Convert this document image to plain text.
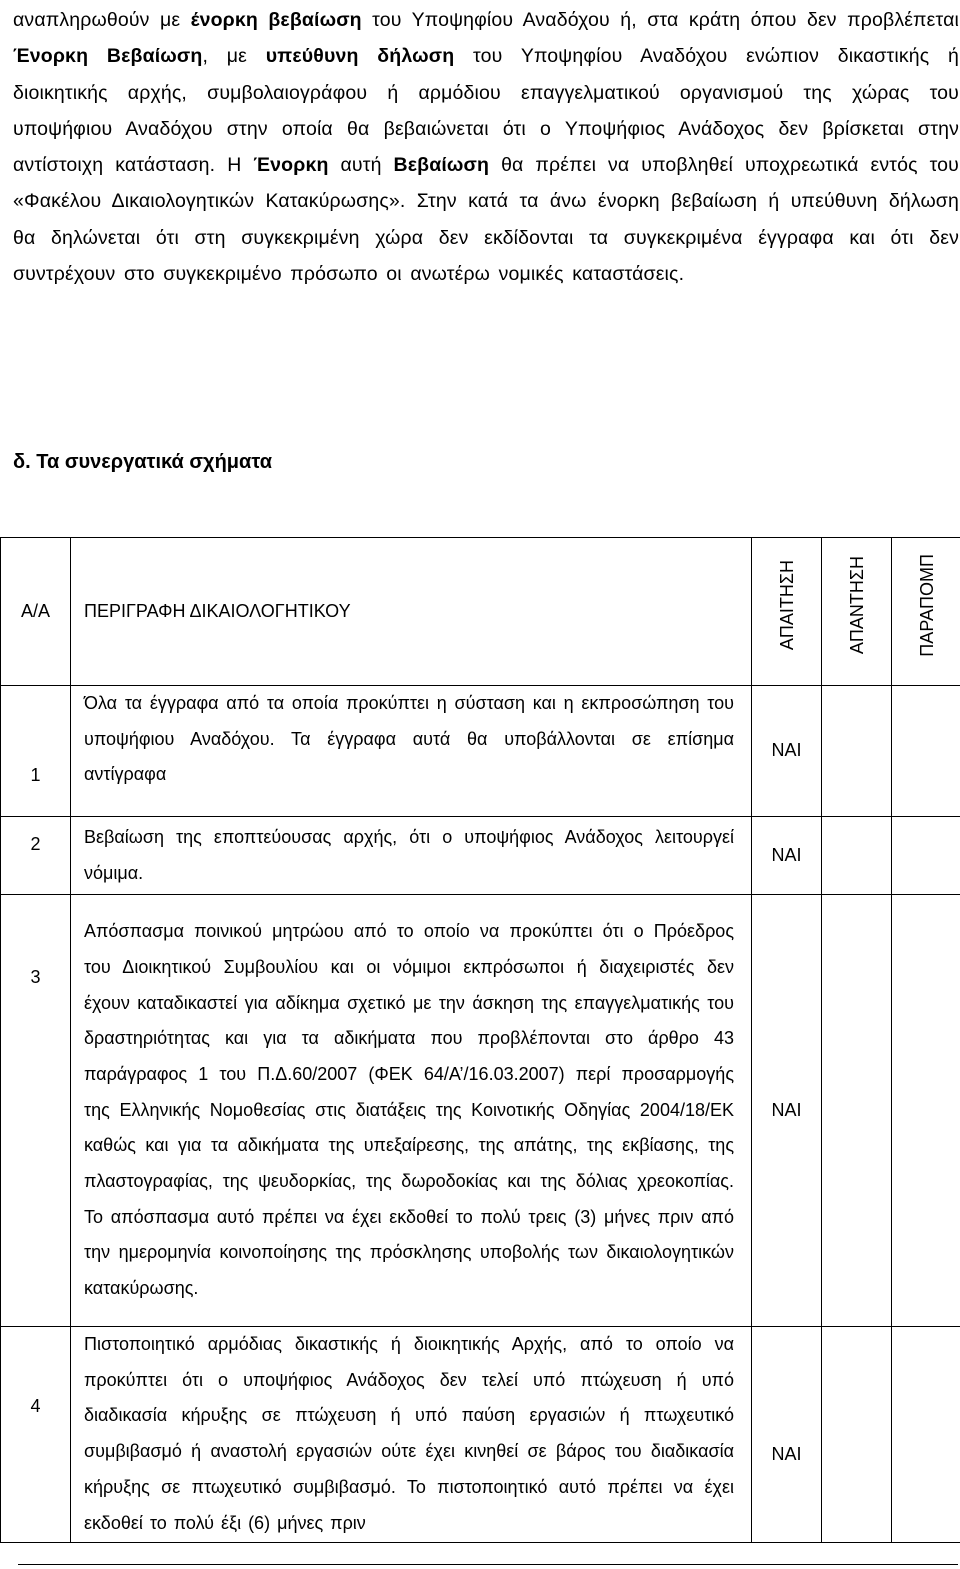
αναπληρωθούν με ένορκη βεβαίωση του Υποψηφίου Αναδόχου ή, στα κράτη όπου δεν προβλέπεται Ένορκη Βεβαίωση, με υπεύθυνη δήλωση του Υποψηφίου Αναδόχου ενώπιον δικαστικής ή διοικητικής αρχής, συμβολαιογράφου ή αρμόδιου επαγγελματικού οργανισμού της χώρας του υποψήφιου Αναδόχου στην οποία θα βεβαιώνεται ότι ο Υποψήφιος Ανάδοχος δεν βρίσκεται στην αντίστοιχη κατάσταση. Η Ένορκη αυτή Βεβαίωση θα πρέπει να υποβληθεί υποχρεωτικά εντός του «Φακέλου Δικαιολογητικών Κατακύρωσης». Στην κατά τα άνω ένορκη βεβαίωση ή υπεύθυνη δήλωση θα δηλώνεται ότι στη συγκεκριμένη χώρα δεν εκδίδονται τα συγκεκριμένα έγγραφα και ότι δεν συντρέχουν στο συγκεκριμένο πρόσωπο οι ανωτέρω νομικές καταστάσεις.

δ. Τα συνεργατικά σχήματα
Α/Α	ΠΕΡΙΓΡΑΦΗ ΔΙΚΑΙΟΛΟΓΗΤΙΚΟΥ	ΑΠΑΙΤΗΣΗ	ΑΠΑΝΤΗΣΗ	ΠΑΡΑΠΟΜΠ

1	Όλα τα έγγραφα από τα οποία προκύπτει η σύσταση και η εκπροσώπηση του υποψήφιου Αναδόχου. Τα έγγραφα αυτά θα υποβάλλονται σε επίσημα αντίγραφα	ΝΑΙ		

2	Βεβαίωση της εποπτεύουσας αρχής, ότι ο υποψήφιος Ανάδοχος λειτουργεί νόμιμα.	ΝΑΙ		

3	Απόσπασμα ποινικού μητρώου από το οποίο να προκύπτει ότι ο Πρόεδρος του Διοικητικού Συμβουλίου και οι νόμιμοι εκπρόσωποι ή διαχειριστές δεν έχουν καταδικαστεί για αδίκημα σχετικό με την άσκηση της επαγγελματικής του δραστηριότητας και για τα αδικήματα που προβλέπονται στο άρθρο 43 παράγραφος 1 του Π.Δ.60/2007 (ΦΕΚ 64/Α’/16.03.2007) περί προσαρμογής της Ελληνικής Νομοθεσίας στις διατάξεις της Κοινοτικής Οδηγίας 2004/18/ΕΚ καθώς και για τα αδικήματα της υπεξαίρεσης, της απάτης, της εκβίασης, της πλαστογραφίας, της ψευδορκίας, της δωροδοκίας και της δόλιας χρεοκοπίας. Το απόσπασμα αυτό πρέπει να έχει εκδοθεί το πολύ τρεις (3) μήνες πριν από την ημερομηνία κοινοποίησης της πρόσκλησης υποβολής των δικαιολογητικών κατακύρωσης.	ΝΑΙ		

4	Πιστοποιητικό αρμόδιας δικαστικής ή διοικητικής Αρχής, από το οποίο να προκύπτει ότι ο υποψήφιος Ανάδοχος δεν τελεί υπό πτώχευση ή υπό διαδικασία κήρυξης σε πτώχευση ή υπό παύση εργασιών ή πτωχευτικό συμβιβασμό ή αναστολή εργασιών ούτε έχει κινηθεί σε βάρος του διαδικασία κήρυξης σε πτωχευτικό συμβιβασμό. Το πιστοποιητικό αυτό πρέπει να έχει εκδοθεί το πολύ έξι (6) μήνες πριν	ΝΑΙ		
